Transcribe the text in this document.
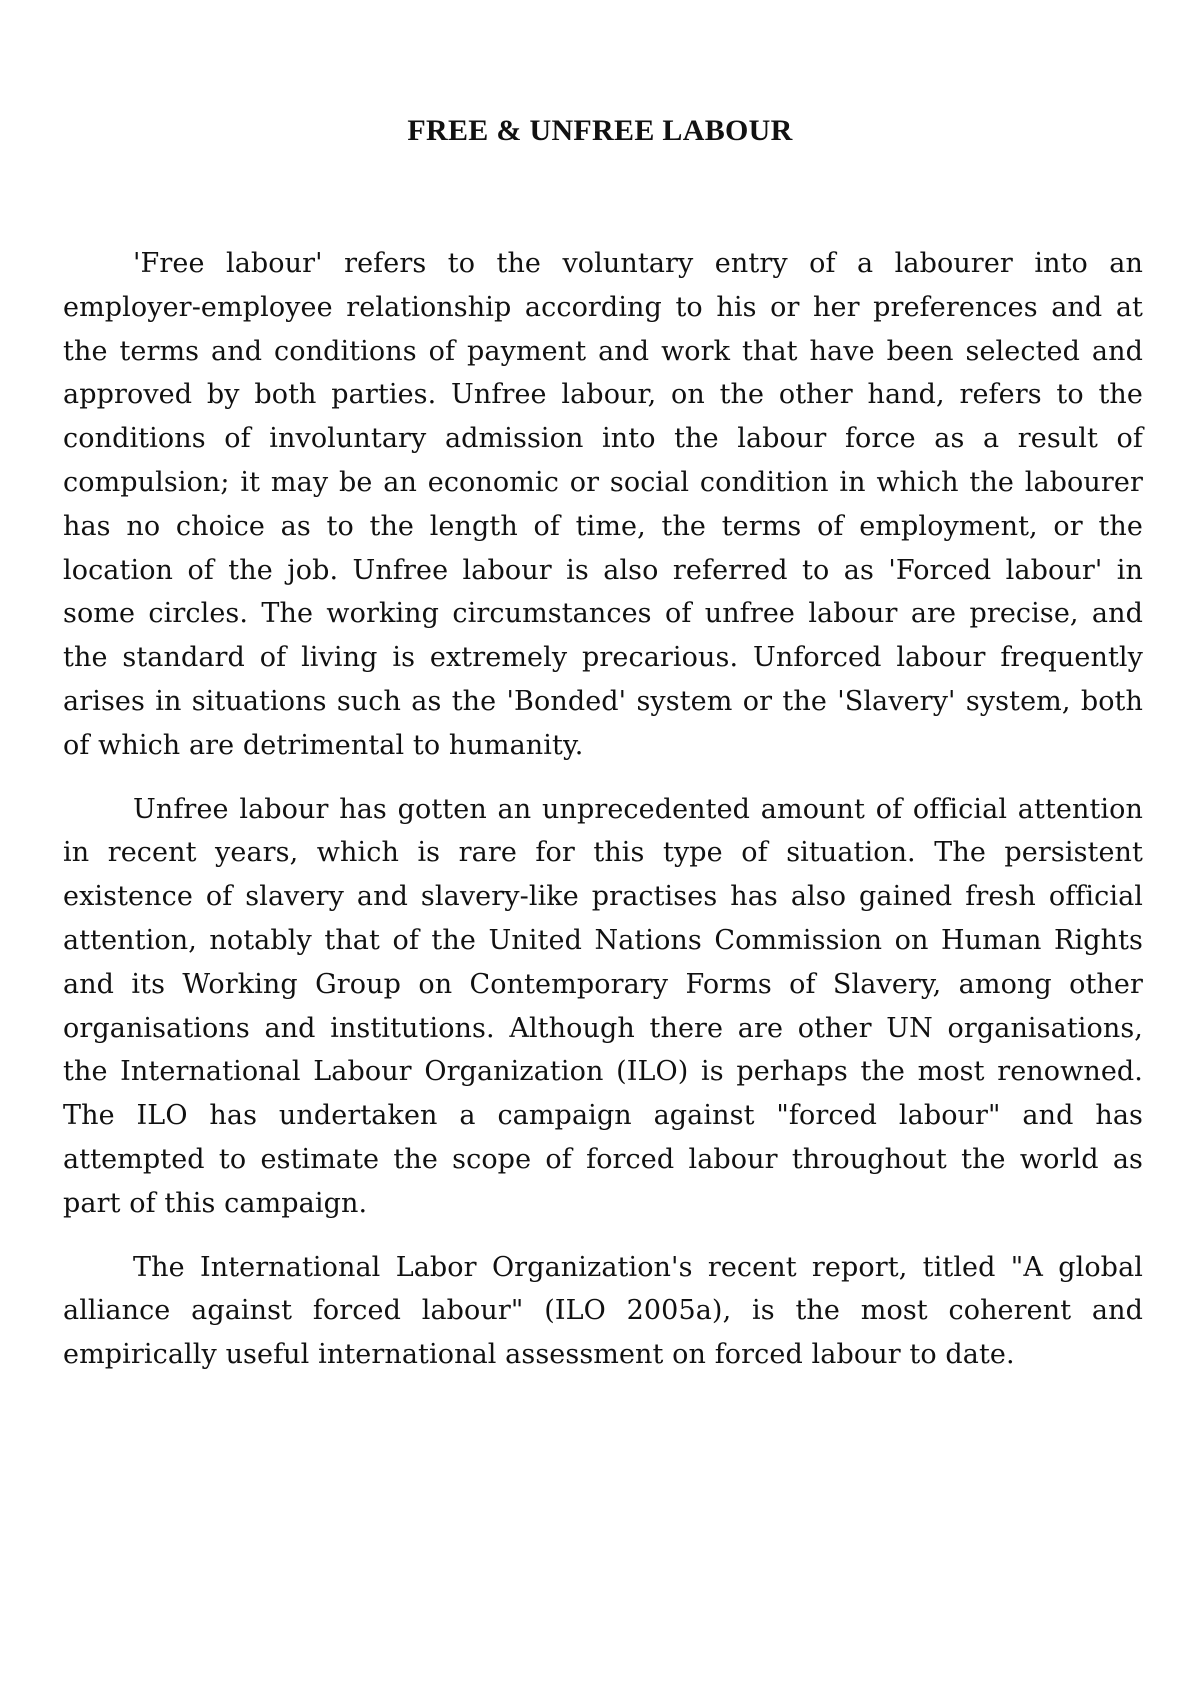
FREE & UNFREE LABOUR

'Free labour' refers to the voluntary entry of a labourer into an employer-employee relationship according to his or her preferences and at the terms and conditions of payment and work that have been selected and approved by both parties. Unfree labour, on the other hand, refers to the conditions of involuntary admission into the labour force as a result of compulsion; it may be an economic or social condition in which the labourer has no choice as to the length of time, the terms of employment, or the location of the job. Unfree labour is also referred to as 'Forced labour' in some circles. The working circumstances of unfree labour are precise, and the standard of living is extremely precarious. Unforced labour frequently arises in situations such as the 'Bonded' system or the 'Slavery' system, both of which are detrimental to humanity.

Unfree labour has gotten an unprecedented amount of official attention in recent years, which is rare for this type of situation. The persistent existence of slavery and slavery-like practises has also gained fresh official attention, notably that of the United Nations Commission on Human Rights and its Working Group on Contemporary Forms of Slavery, among other organisations and institutions. Although there are other UN organisations, the International Labour Organization (ILO) is perhaps the most renowned. The ILO has undertaken a campaign against "forced labour" and has attempted to estimate the scope of forced labour throughout the world as part of this campaign.

The International Labor Organization's recent report, titled "A global alliance against forced labour" (ILO 2005a), is the most coherent and empirically useful international assessment on forced labour to date.
